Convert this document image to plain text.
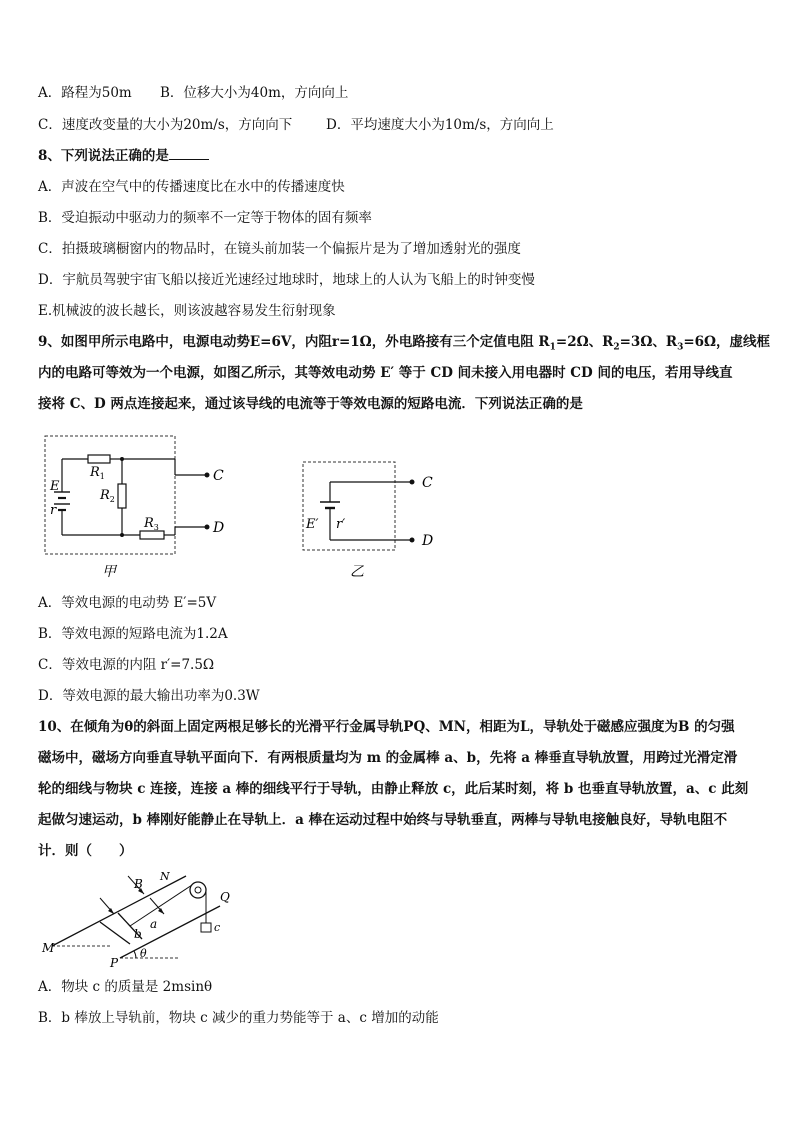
A．路程为50m B．位移大小为40m，方向向上
C．速度改变量的大小为20m/s，方向向下 D．平均速度大小为10m/s，方向向上
8、下列说法正确的是
A．声波在空气中的传播速度比在水中的传播速度快
B．受迫振动中驱动力的频率不一定等于物体的固有频率
C．拍摄玻璃橱窗内的物品时，在镜头前加装一个偏振片是为了增加透射光的强度
D．宇航员驾驶宇宙飞船以接近光速经过地球时，地球上的人认为飞船上的时钟变慢
E.机械波的波长越长，则该波越容易发生衍射现象
9、如图甲所示电路中，电源电动势E=6V，内阻r=1Ω，外电路接有三个定值电阻 $R_1=2\Omega$、$R_2=3\Omega$、$R_3=6\Omega$，虚线框
内的电路可等效为一个电源，如图乙所示，其等效电动势 E′ 等于 CD 间未接入用电器时 CD 间的电压，若用导线直
接将 C、D 两点连接起来，通过该导线的电流等于等效电源的短路电流．下列说法正确的是
$R_1$
$R_2$
$R_3$
E
r
C
D
甲
E′ r′
C
D
乙
A．等效电源的电动势 E′=5V
B．等效电源的短路电流为1.2A
C．等效电源的内阻 r′=7.5Ω
D．等效电源的最大输出功率为0.3W
10、在倾角为θ的斜面上固定两根足够长的光滑平行金属导轨PQ、MN，相距为L，导轨处于磁感应强度为B 的匀强
磁场中，磁场方向垂直导轨平面向下．有两根质量均为 m 的金属棒 a、b，先将 a 棒垂直导轨放置，用跨过光滑定滑
轮的细线与物块 c 连接，连接 a 棒的细线平行于导轨，由静止释放 c，此后某时刻，将 b 也垂直导轨放置，a、c 此刻
起做匀速运动，b 棒刚好能静止在导轨上．a 棒在运动过程中始终与导轨垂直，两棒与导轨电接触良好，导轨电阻不
计．则（　　）
B
N
Q
a
b	c
M
P
θ
A．物块 c 的质量是 2msinθ
B．b 棒放上导轨前，物块 c 减少的重力势能等于 a、c 增加的动能
